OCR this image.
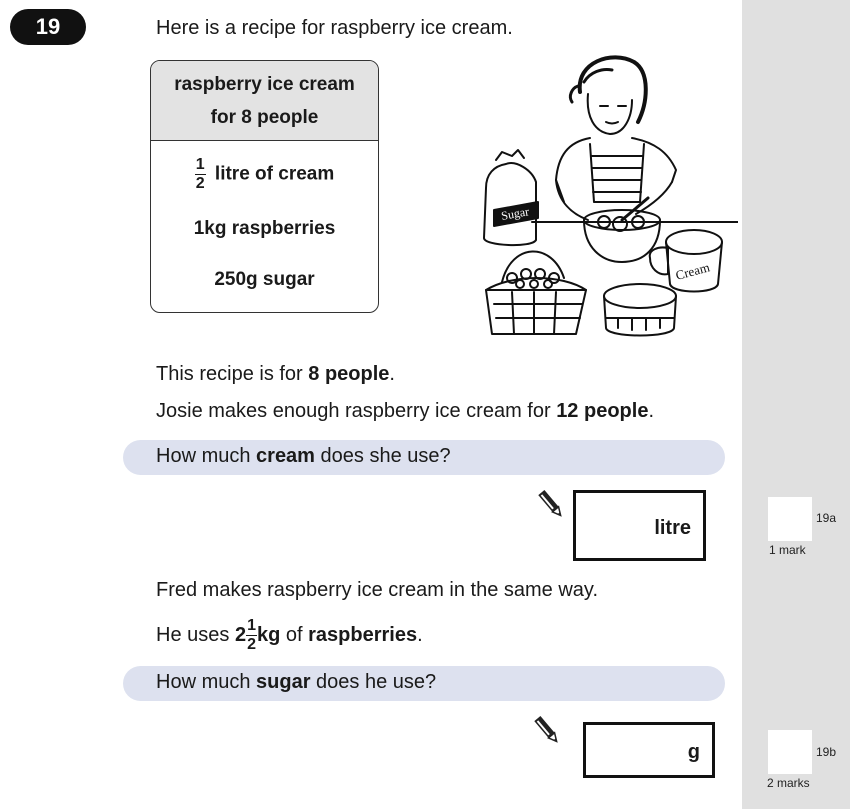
19	Here is a recipe for raspberry ice cream.
raspberry ice cream
for 8 people
$\frac{1}{2}$ litre of cream
1kg raspberries
250g sugar
Sugar
Cream
This recipe is for 8 people.
Josie makes enough raspberry ice cream for 12 people.
How much cream does she use?
litre	19a
1 mark
Fred makes raspberry ice cream in the same way.
He uses $2 \frac{1}{2}$ kg of raspberries.
How much sugar does he use?
g	19b
2 marks
